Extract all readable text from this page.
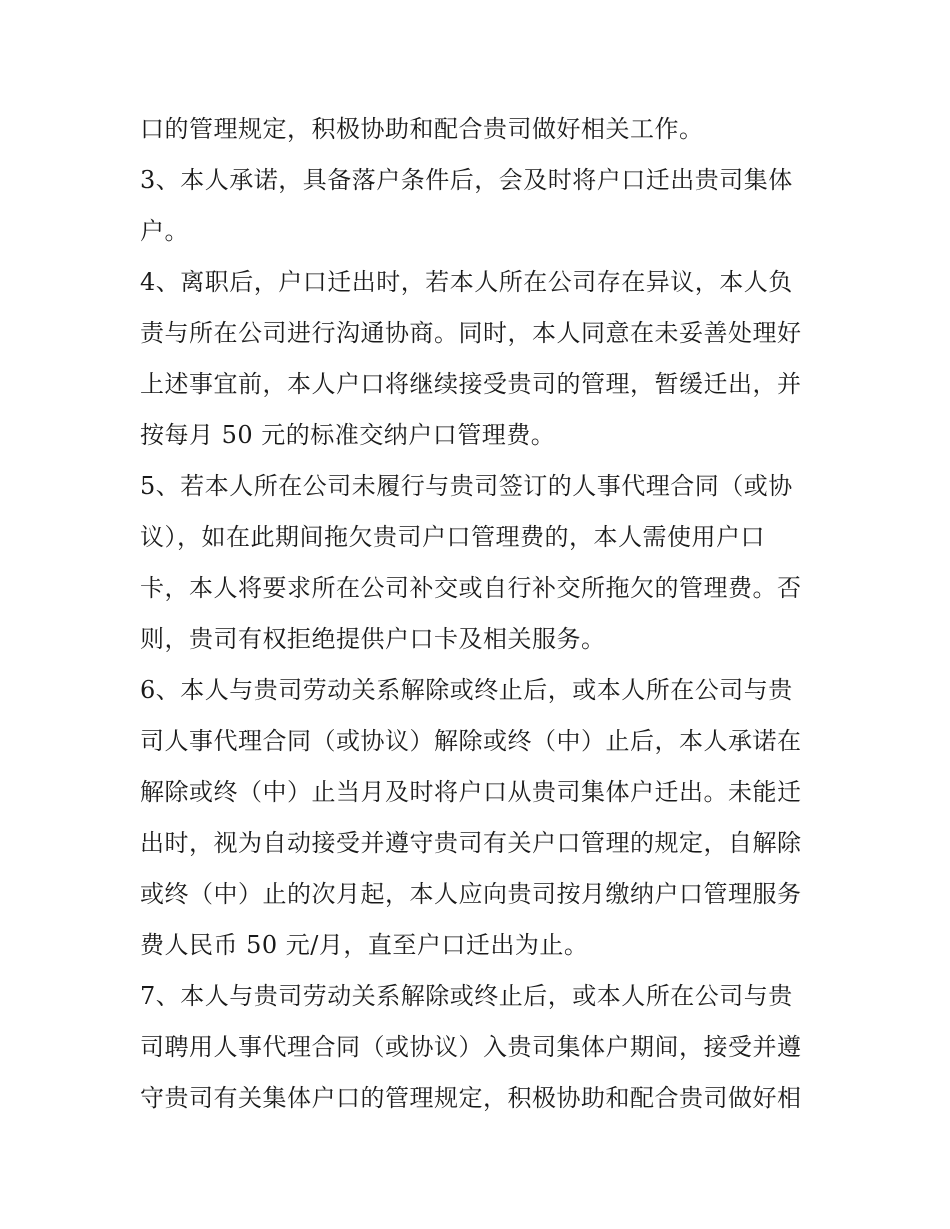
口的管理规定，积极协助和配合贵司做好相关工作。
3、本人承诺，具备落户条件后，会及时将户口迁出贵司集体
户。
4、离职后，户口迁出时，若本人所在公司存在异议，本人负
责与所在公司进行沟通协商。同时，本人同意在未妥善处理好
上述事宜前，本人户口将继续接受贵司的管理，暂缓迁出，并
按每月 50 元的标准交纳户口管理费。
5、若本人所在公司未履行与贵司签订的人事代理合同（或协
议），如在此期间拖欠贵司户口管理费的，本人需使用户口
卡，本人将要求所在公司补交或自行补交所拖欠的管理费。否
则，贵司有权拒绝提供户口卡及相关服务。
6、本人与贵司劳动关系解除或终止后，或本人所在公司与贵
司人事代理合同（或协议）解除或终（中）止后，本人承诺在
解除或终（中）止当月及时将户口从贵司集体户迁出。未能迁
出时，视为自动接受并遵守贵司有关户口管理的规定，自解除
或终（中）止的次月起，本人应向贵司按月缴纳户口管理服务
费人民币 50 元/月，直至户口迁出为止。
7、本人与贵司劳动关系解除或终止后，或本人所在公司与贵
司聘用人事代理合同（或协议）入贵司集体户期间，接受并遵
守贵司有关集体户口的管理规定，积极协助和配合贵司做好相
